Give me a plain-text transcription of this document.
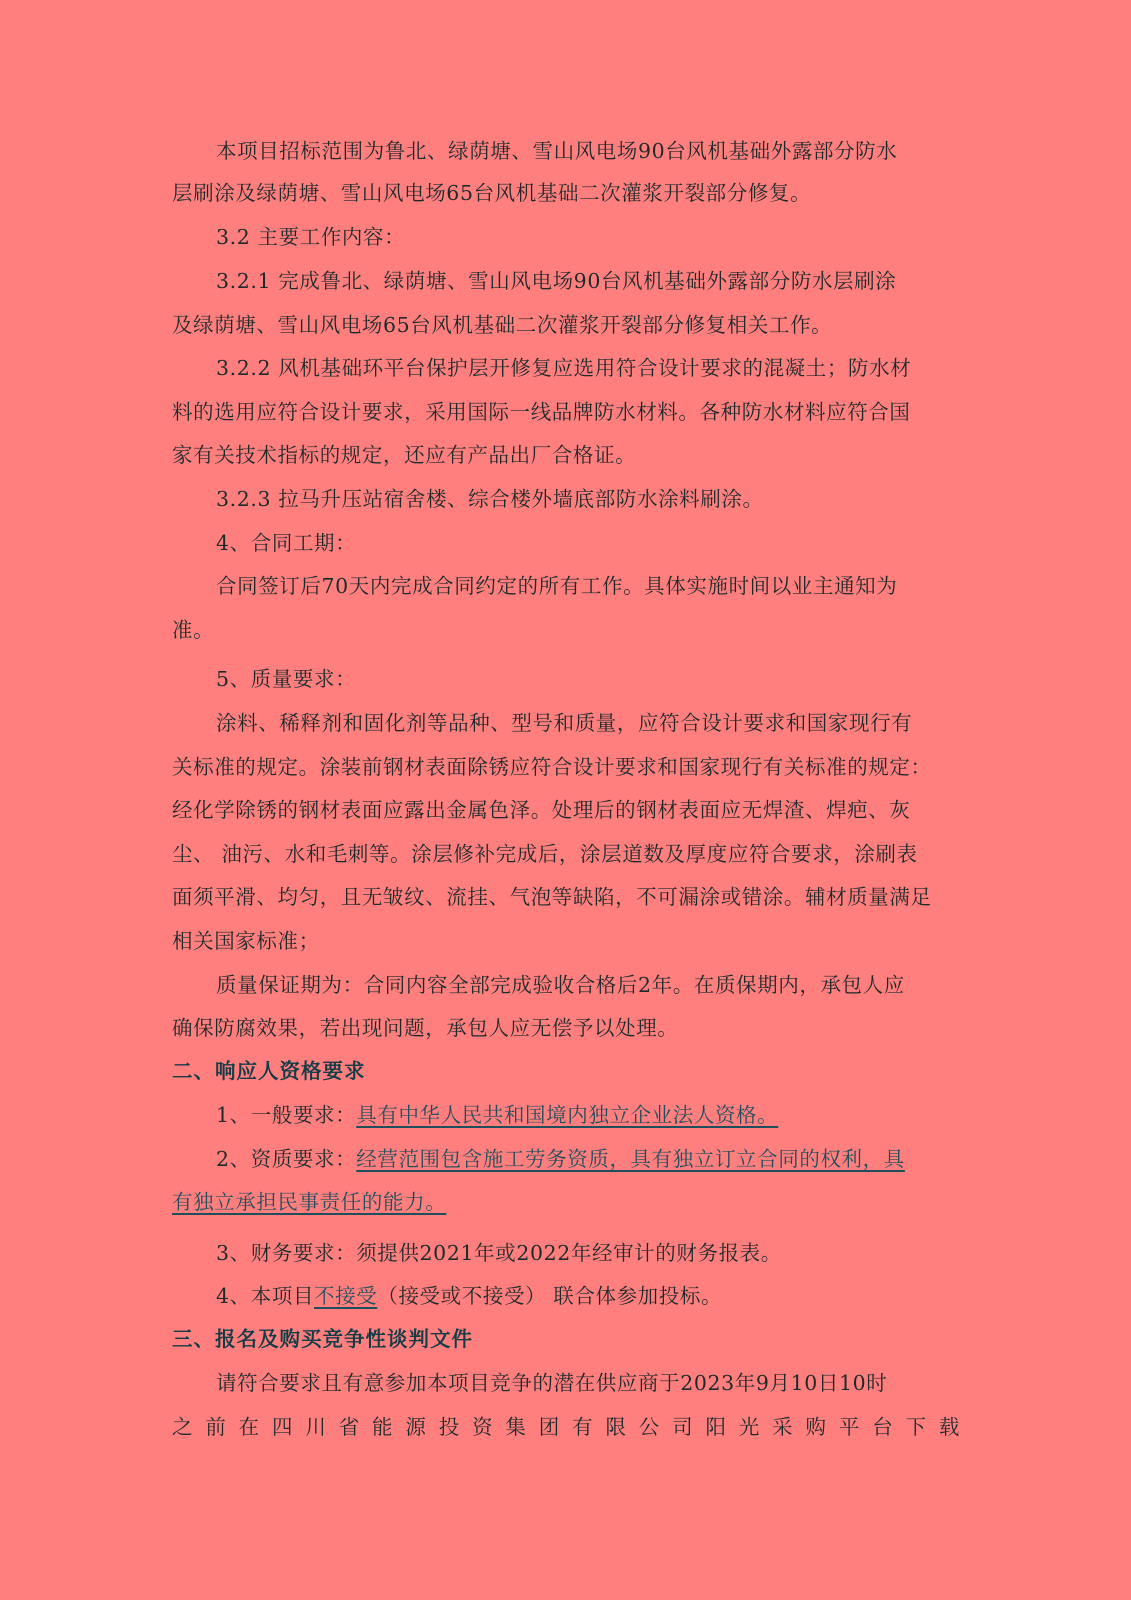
本项目招标范围为鲁北、绿荫塘、雪山风电场90台风机基础外露部分防水
层刷涂及绿荫塘、雪山风电场65台风机基础二次灌浆开裂部分修复。
3.2 主要工作内容：
3.2.1 完成鲁北、绿荫塘、雪山风电场90台风机基础外露部分防水层刷涂
及绿荫塘、雪山风电场65台风机基础二次灌浆开裂部分修复相关工作。
3.2.2 风机基础环平台保护层开修复应选用符合设计要求的混凝土；防水材
料的选用应符合设计要求，采用国际一线品牌防水材料。各种防水材料应符合国
家有关技术指标的规定，还应有产品出厂合格证。
3.2.3 拉马升压站宿舍楼、综合楼外墙底部防水涂料刷涂。
4、合同工期：
合同签订后70天内完成合同约定的所有工作。具体实施时间以业主通知为
准。
5、质量要求：
涂料、稀释剂和固化剂等品种、型号和质量，应符合设计要求和国家现行有
关标准的规定。涂装前钢材表面除锈应符合设计要求和国家现行有关标准的规定：
经化学除锈的钢材表面应露出金属色泽。处理后的钢材表面应无焊渣、焊疤、灰
尘、 油污、水和毛刺等。涂层修补完成后，涂层道数及厚度应符合要求，涂刷表
面须平滑、均匀，且无皱纹、流挂、气泡等缺陷，不可漏涂或错涂。辅材质量满足
相关国家标准；
质量保证期为：合同内容全部完成验收合格后2年。在质保期内，承包人应
确保防腐效果，若出现问题，承包人应无偿予以处理。
二、响应人资格要求
1、一般要求：具有中华人民共和国境内独立企业法人资格。
2、资质要求：经营范围包含施工劳务资质，具有独立订立合同的权利，具
有独立承担民事责任的能力。
3、财务要求：须提供2021年或2022年经审计的财务报表。
4、本项目不接受（接受或不接受） 联合体参加投标。
三、报名及购买竞争性谈判文件
请符合要求且有意参加本项目竞争的潜在供应商于2023年9月10日10时
之前在四川省能源投资集团有限公司阳光采购平台下载
